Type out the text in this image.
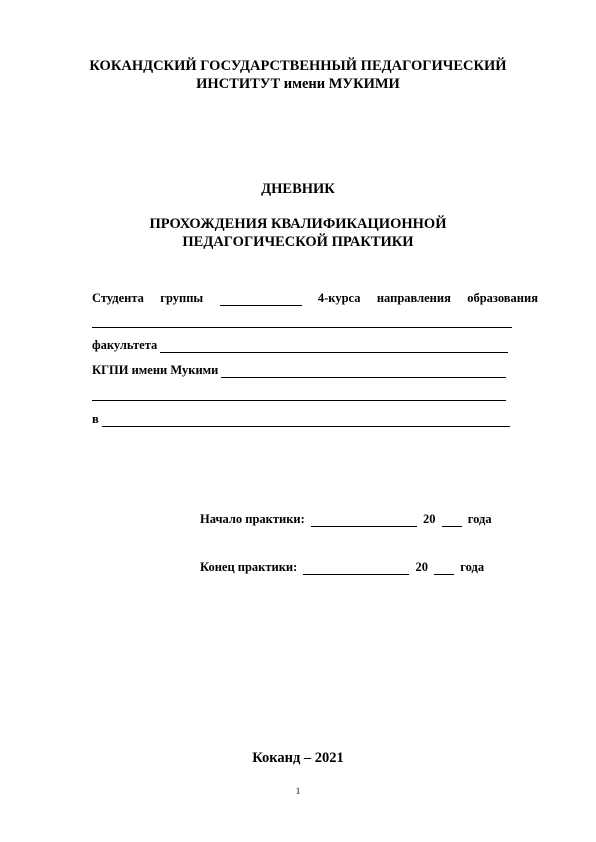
КОКАНДСКИЙ ГОСУДАРСТВЕННЫЙ ПЕДАГОГИЧЕСКИЙ
ИНСТИТУТ имени МУКИМИ
ДНЕВНИК
ПРОХОЖДЕНИЯ КВАЛИФИКАЦИОННОЙ
ПЕДАГОГИЧЕСКОЙ ПРАКТИКИ
Студента группы	4-курса направления образования
факультета
КГПИ имени Мукими
в
Начало практики:	20	года
Конец практики:	20	года
Коканд – 2021
1
